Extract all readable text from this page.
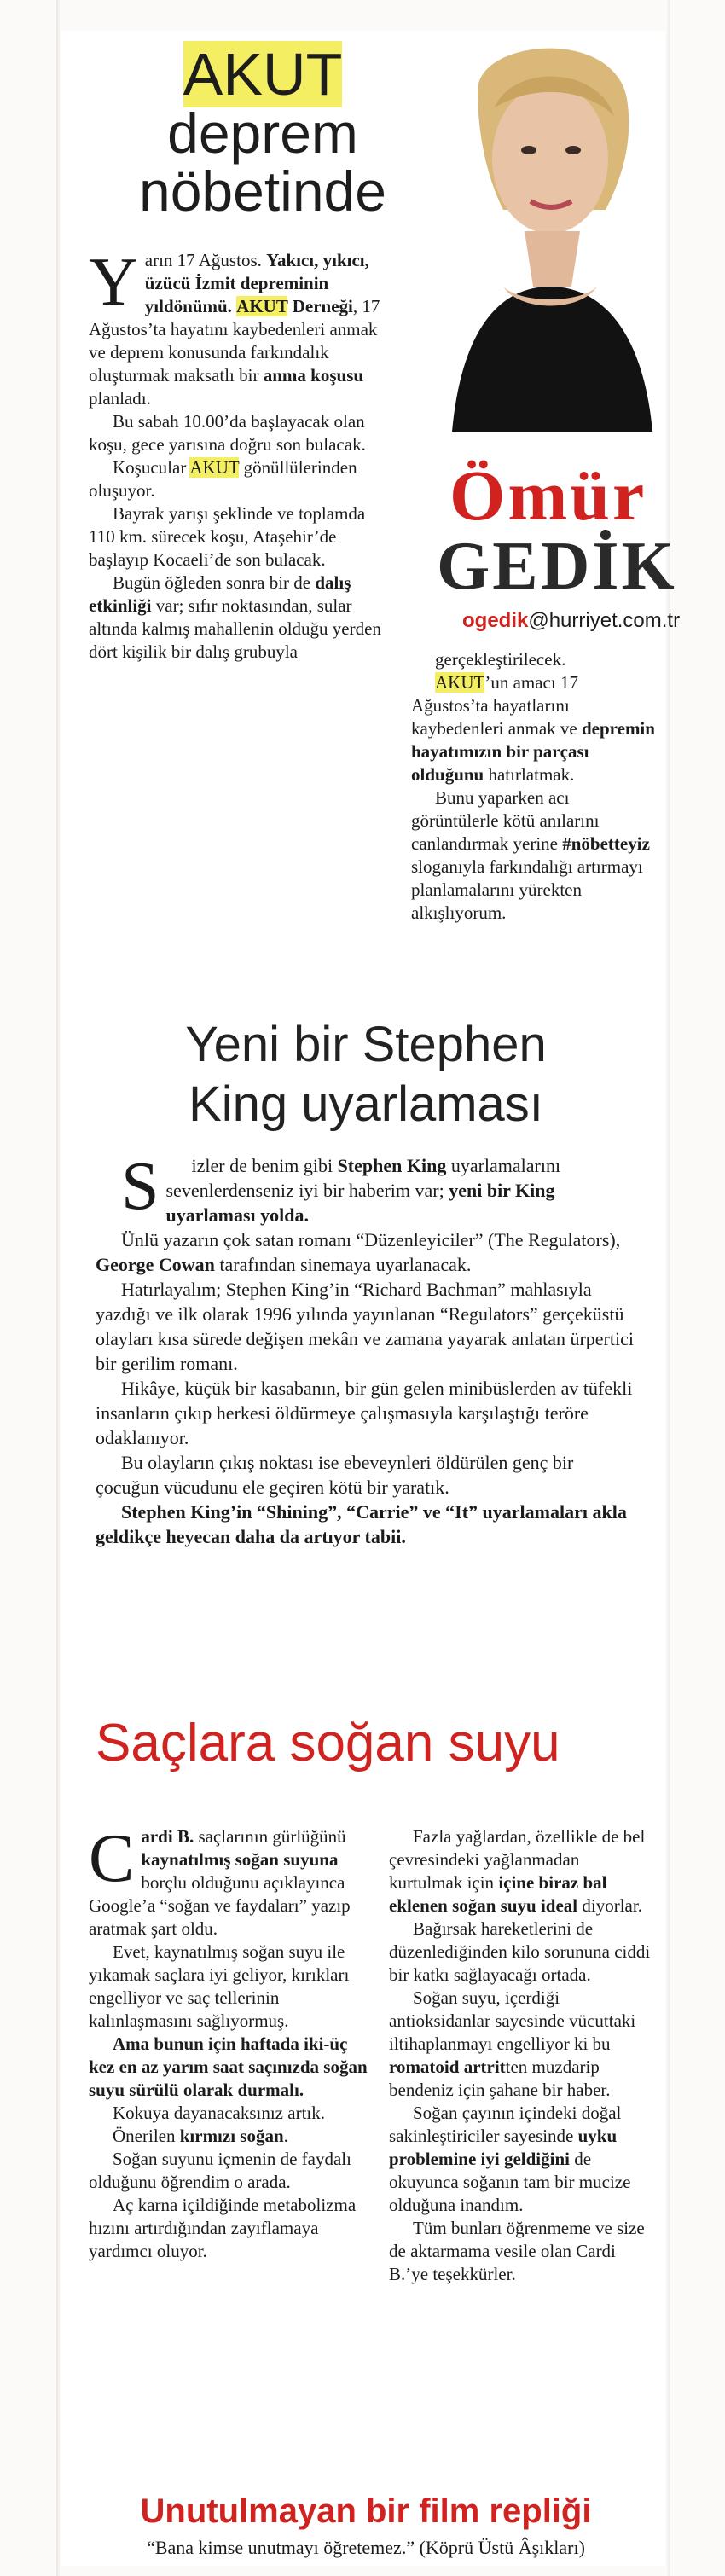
AKUT
deprem
nöbetinde
Ömür
GEDİK
ogedik@hurriyet.com.tr

Yarın 17 Ağustos. Yakıcı, yıkıcı, üzücü İzmit depreminin yıldönümü. AKUT Derneği, 17 Ağustos’ta hayatını kaybedenleri anmak ve deprem konusunda farkındalık oluşturmak maksatlı bir anma koşusu planladı.

Bu sabah 10.00’da başlayacak olan koşu, gece yarısına doğru son bulacak.

Koşucular AKUT gönüllülerinden oluşuyor.

Bayrak yarışı şeklinde ve toplamda 110 km. sürecek koşu, Ataşehir’de başlayıp Kocaeli’de son bulacak.

Bugün öğleden sonra bir de dalış etkinliği var; sıfır noktasından, sular altında kalmış mahallenin olduğu yerden dört kişilik bir dalış grubuyla	gerçekleştirilecek.

AKUT’un amacı 17 Ağustos’ta hayatlarını kaybedenleri anmak ve depremin hayatımızın bir parçası olduğunu hatırlatmak.

Bunu yaparken acı görüntülerle kötü anılarını canlandırmak yerine #nöbetteyiz sloganıyla farkındalığı artırmayı planlamalarını yürekten alkışlıyorum.

Yeni bir Stephen
King uyarlaması

S izler de benim gibi Stephen King uyarlamalarını sevenlerdenseniz iyi bir haberim var; yeni bir King uyarlaması yolda.

Ünlü yazarın çok satan romanı “Düzenleyiciler” (The Regulators), George Cowan tarafından sinemaya uyarlanacak.

Hatırlayalım; Stephen King’in “Richard Bachman” mahlasıyla yazdığı ve ilk olarak 1996 yılında yayınlanan “Regulators” gerçeküstü olayları kısa sürede değişen mekân ve zamana yayarak anlatan ürpertici bir gerilim romanı.

Hikâye, küçük bir kasabanın, bir gün gelen minibüslerden av tüfekli insanların çıkıp herkesi öldürmeye çalışmasıyla karşılaştığı teröre odaklanıyor.

Bu olayların çıkış noktası ise ebeveynleri öldürülen genç bir çocuğun vücudunu ele geçiren kötü bir yaratık.

Stephen King’in “Shining”, “Carrie” ve “It” uyarlamaları akla geldikçe heyecan daha da artıyor tabii.

Saçlara soğan suyu

Cardi B. saçlarının gürlüğünü kaynatılmış soğan suyuna borçlu olduğunu açıklayınca Google’a “soğan ve faydaları” yazıp aratmak şart oldu.

Evet, kaynatılmış soğan suyu ile yıkamak saçlara iyi geliyor, kırıkları engelliyor ve saç tellerinin kalınlaşmasını sağlıyormuş.

Ama bunun için haftada iki-üç kez en az yarım saat saçınızda soğan suyu sürülü olarak durmalı.

Kokuya dayanacaksınız artık.

Önerilen kırmızı soğan.

Soğan suyunu içmenin de faydalı olduğunu öğrendim o arada.

Aç karna içildiğinde metabolizma hızını artırdığından zayıflamaya yardımcı oluyor.

Fazla yağlardan, özellikle de bel çevresindeki yağlanmadan kurtulmak için içine biraz bal eklenen soğan suyu ideal diyorlar.

Bağırsak hareketlerini de düzenlediğinden kilo sorununa ciddi bir katkı sağlayacağı ortada.

Soğan suyu, içerdiği antioksidanlar sayesinde vücuttaki iltihaplanmayı engelliyor ki bu romatoid artritten muzdarip bendeniz için şahane bir haber.

Soğan çayının içindeki doğal sakinleştiriciler sayesinde uyku problemine iyi geldiğini de okuyunca soğanın tam bir mucize olduğuna inandım.

Tüm bunları öğrenmeme ve size de aktarmama vesile olan Cardi B.’ye teşekkürler.

Unutulmayan bir film repliği
“Bana kimse unutmayı öğretemez.” (Köprü Üstü Âşıkları)
